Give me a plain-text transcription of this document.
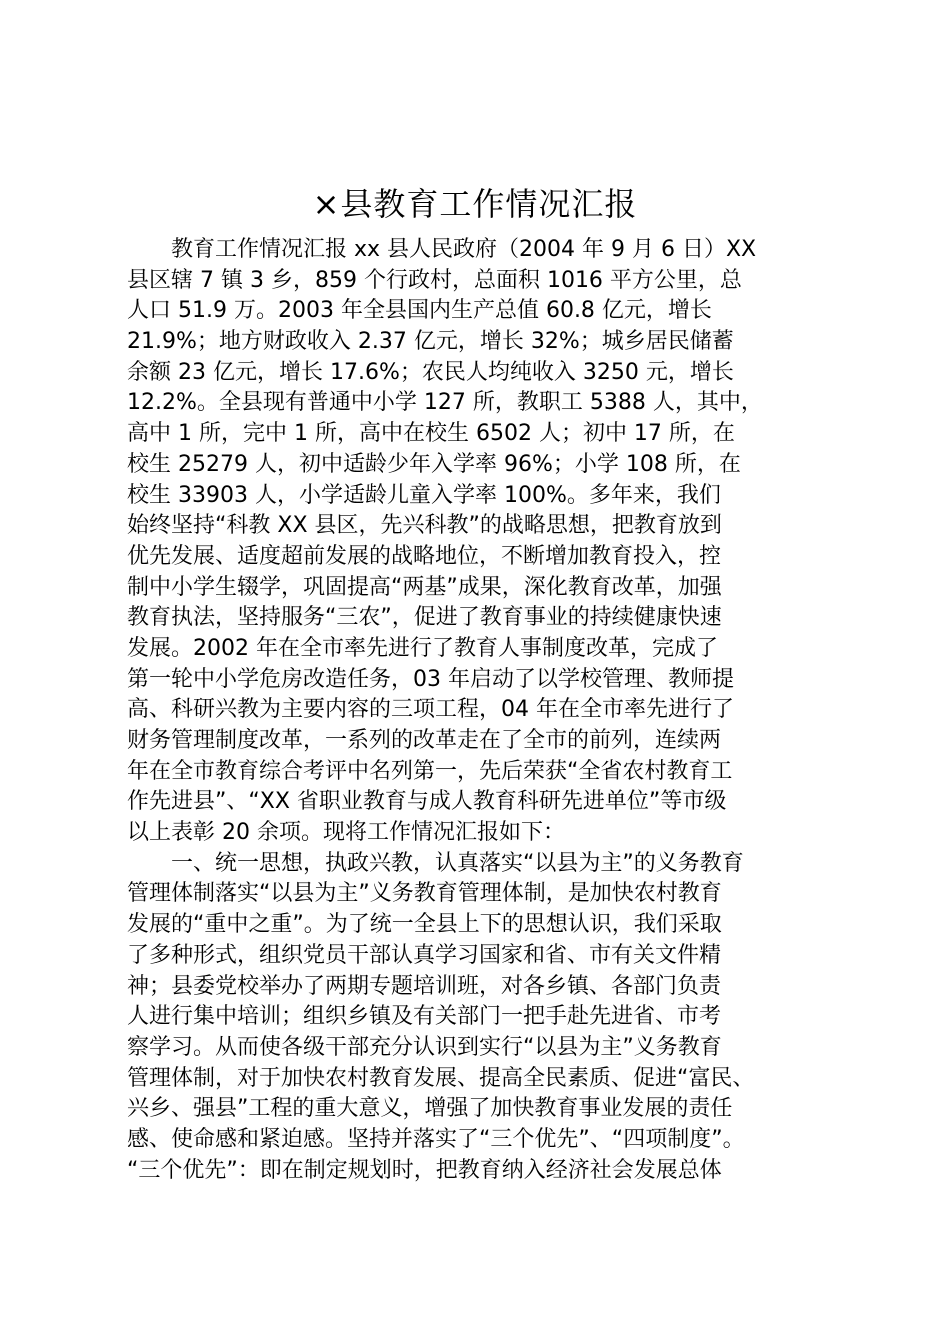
×县教育工作情况汇报
　　教育工作情况汇报 xx 县人民政府（2004 年 9 月 6 日）XX
县区辖 7 镇 3 乡，859 个行政村，总面积 1016 平方公里，总
人口 51.9 万。2003 年全县国内生产总值 60.8 亿元，增长
21.9%；地方财政收入 2.37 亿元，增长 32%；城乡居民储蓄
余额 23 亿元，增长 17.6%；农民人均纯收入 3250 元，增长
12.2%。全县现有普通中小学 127 所，教职工 5388 人，其中，
高中 1 所，完中 1 所，高中在校生 6502 人；初中 17 所，在
校生 25279 人，初中适龄少年入学率 96%；小学 108 所，在
校生 33903 人，小学适龄儿童入学率 100%。多年来，我们
始终坚持“科教 XX 县区，先兴科教”的战略思想，把教育放到
优先发展、适度超前发展的战略地位，不断增加教育投入，控
制中小学生辍学，巩固提高“两基”成果，深化教育改革，加强
教育执法，坚持服务“三农”，促进了教育事业的持续健康快速
发展。2002 年在全市率先进行了教育人事制度改革，完成了
第一轮中小学危房改造任务，03 年启动了以学校管理、教师提
高、科研兴教为主要内容的三项工程，04 年在全市率先进行了
财务管理制度改革，一系列的改革走在了全市的前列，连续两
年在全市教育综合考评中名列第一，先后荣获“全省农村教育工
作先进县”、“XX 省职业教育与成人教育科研先进单位”等市级
以上表彰 20 余项。现将工作情况汇报如下：
　　一、统一思想，执政兴教，认真落实“以县为主”的义务教育
管理体制落实“以县为主”义务教育管理体制，是加快农村教育
发展的“重中之重”。为了统一全县上下的思想认识，我们采取
了多种形式，组织党员干部认真学习国家和省、市有关文件精
神；县委党校举办了两期专题培训班，对各乡镇、各部门负责
人进行集中培训；组织乡镇及有关部门一把手赴先进省、市考
察学习。从而使各级干部充分认识到实行“以县为主”义务教育
管理体制，对于加快农村教育发展、提高全民素质、促进“富民、
兴乡、强县”工程的重大意义，增强了加快教育事业发展的责任
感、使命感和紧迫感。坚持并落实了“三个优先”、“四项制度”。
“三个优先”：即在制定规划时，把教育纳入经济社会发展总体
